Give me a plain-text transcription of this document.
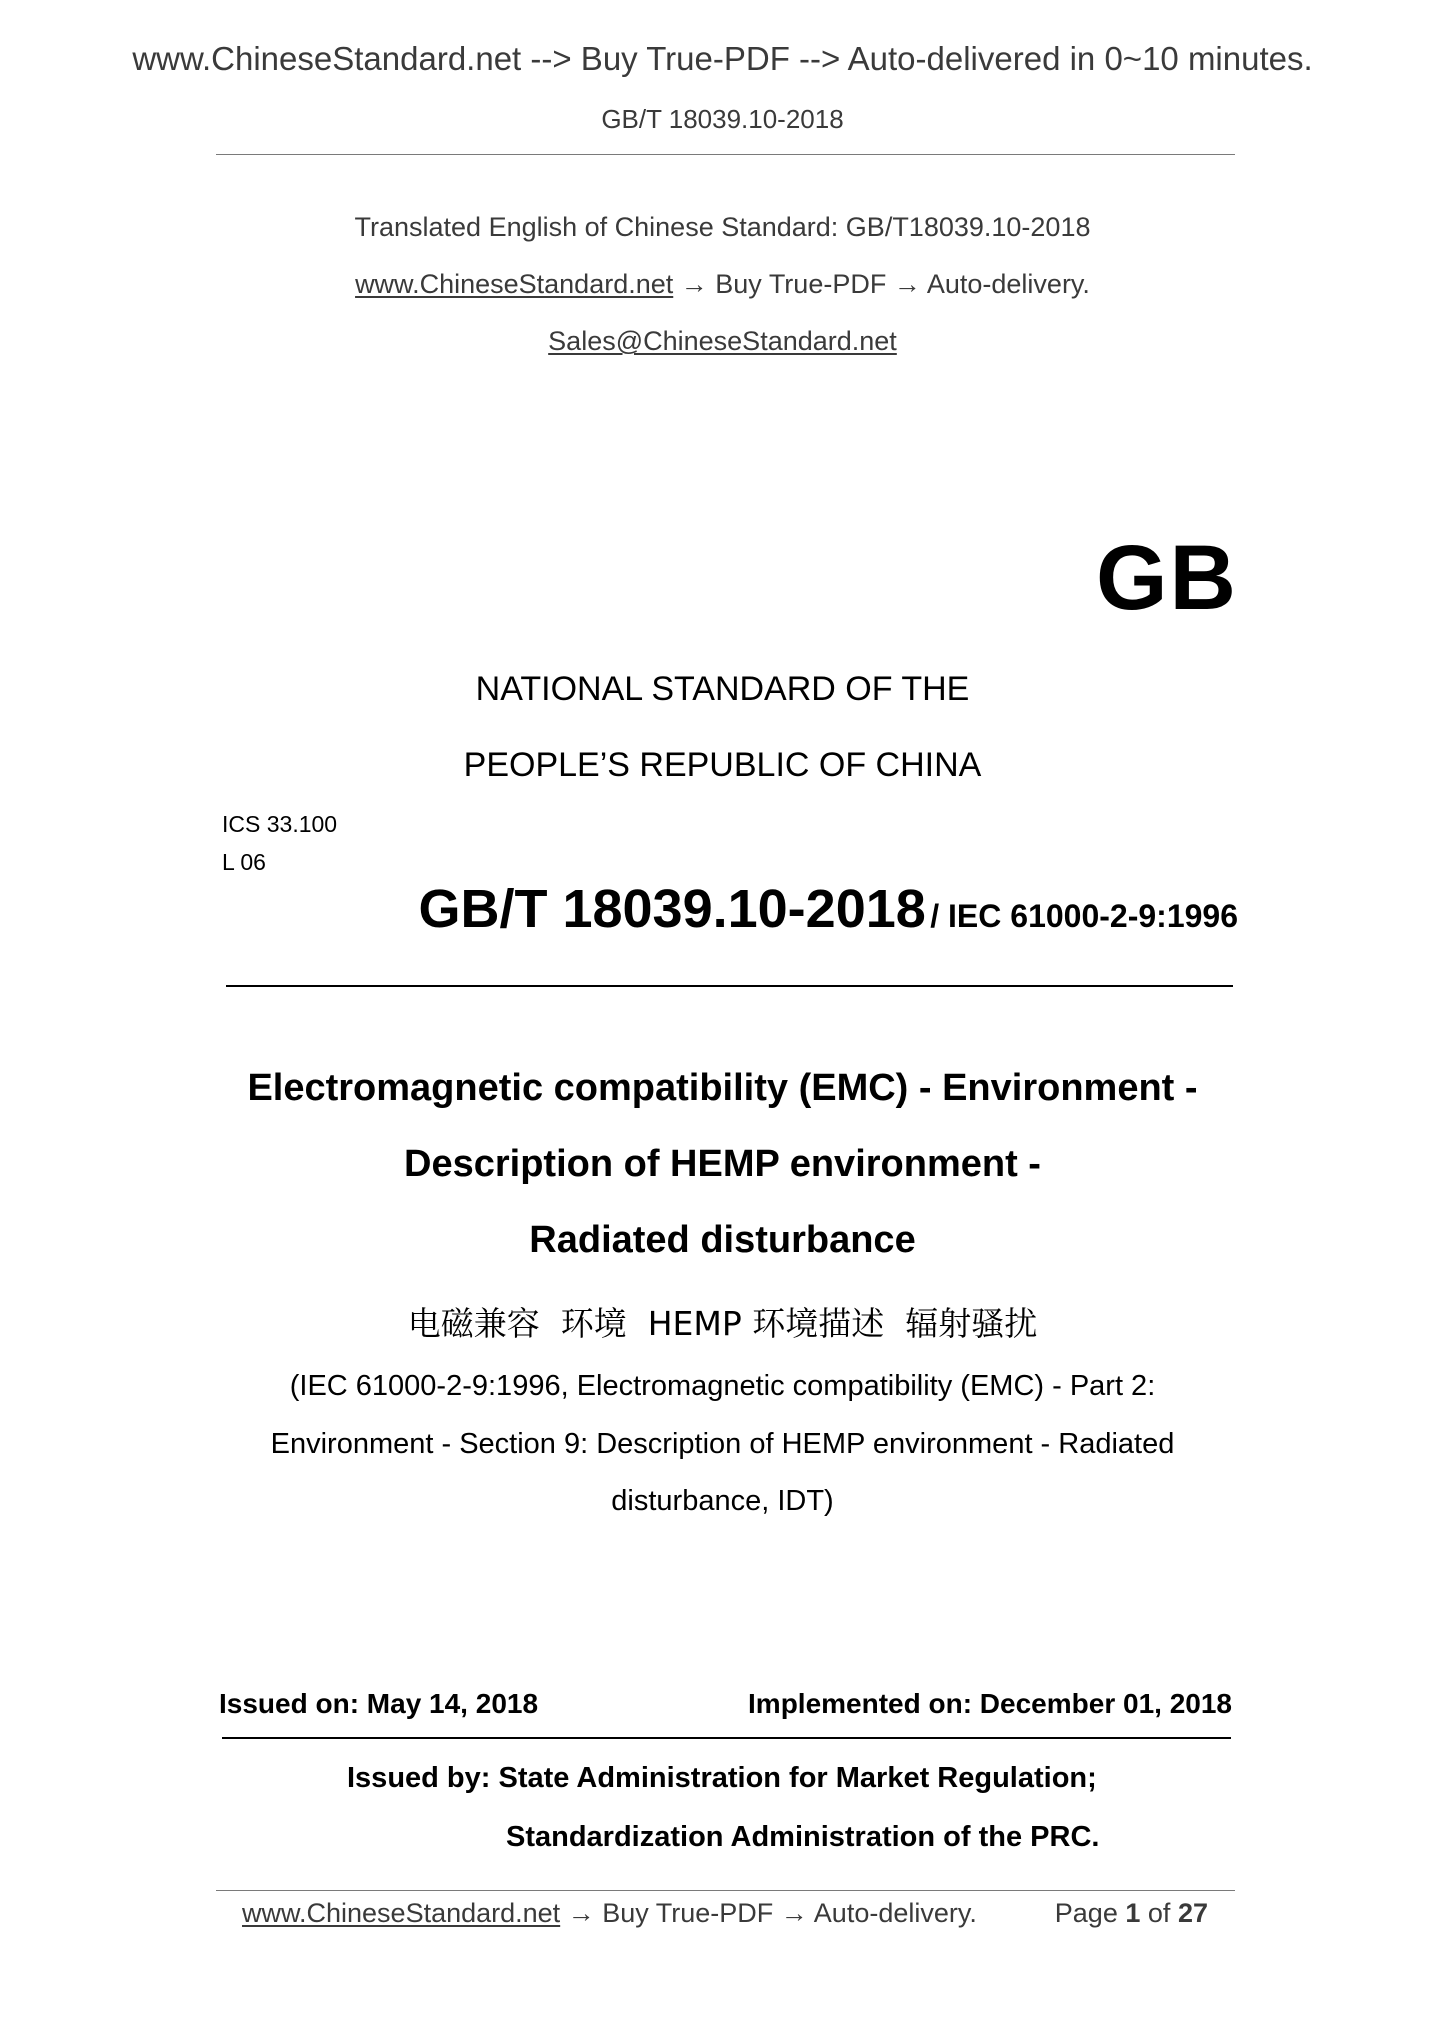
www.ChineseStandard.net --> Buy True-PDF --> Auto-delivered in 0~10 minutes.
GB/T 18039.10-2018
Translated English of Chinese Standard: GB/T18039.10-2018
www.ChineseStandard.net → Buy True-PDF → Auto-delivery.
Sales@ChineseStandard.net
GB
NATIONAL STANDARD OF THE
PEOPLE’S REPUBLIC OF CHINA
ICS 33.100
L 06
GB/T 18039.10-2018 / IEC 61000-2-9:1996
Electromagnetic compatibility (EMC) - Environment -
Description of HEMP environment -
Radiated disturbance
电磁兼容  环境  HEMP 环境描述  辐射骚扰
(IEC 61000-2-9:1996, Electromagnetic compatibility (EMC) - Part 2:
Environment - Section 9: Description of HEMP environment - Radiated
disturbance, IDT)
Issued on: May 14, 2018	Implemented on: December 01, 2018
Issued by: State Administration for Market Regulation;
Standardization Administration of the PRC.
www.ChineseStandard.net → Buy True-PDF → Auto-delivery.	Page 1 of 27
